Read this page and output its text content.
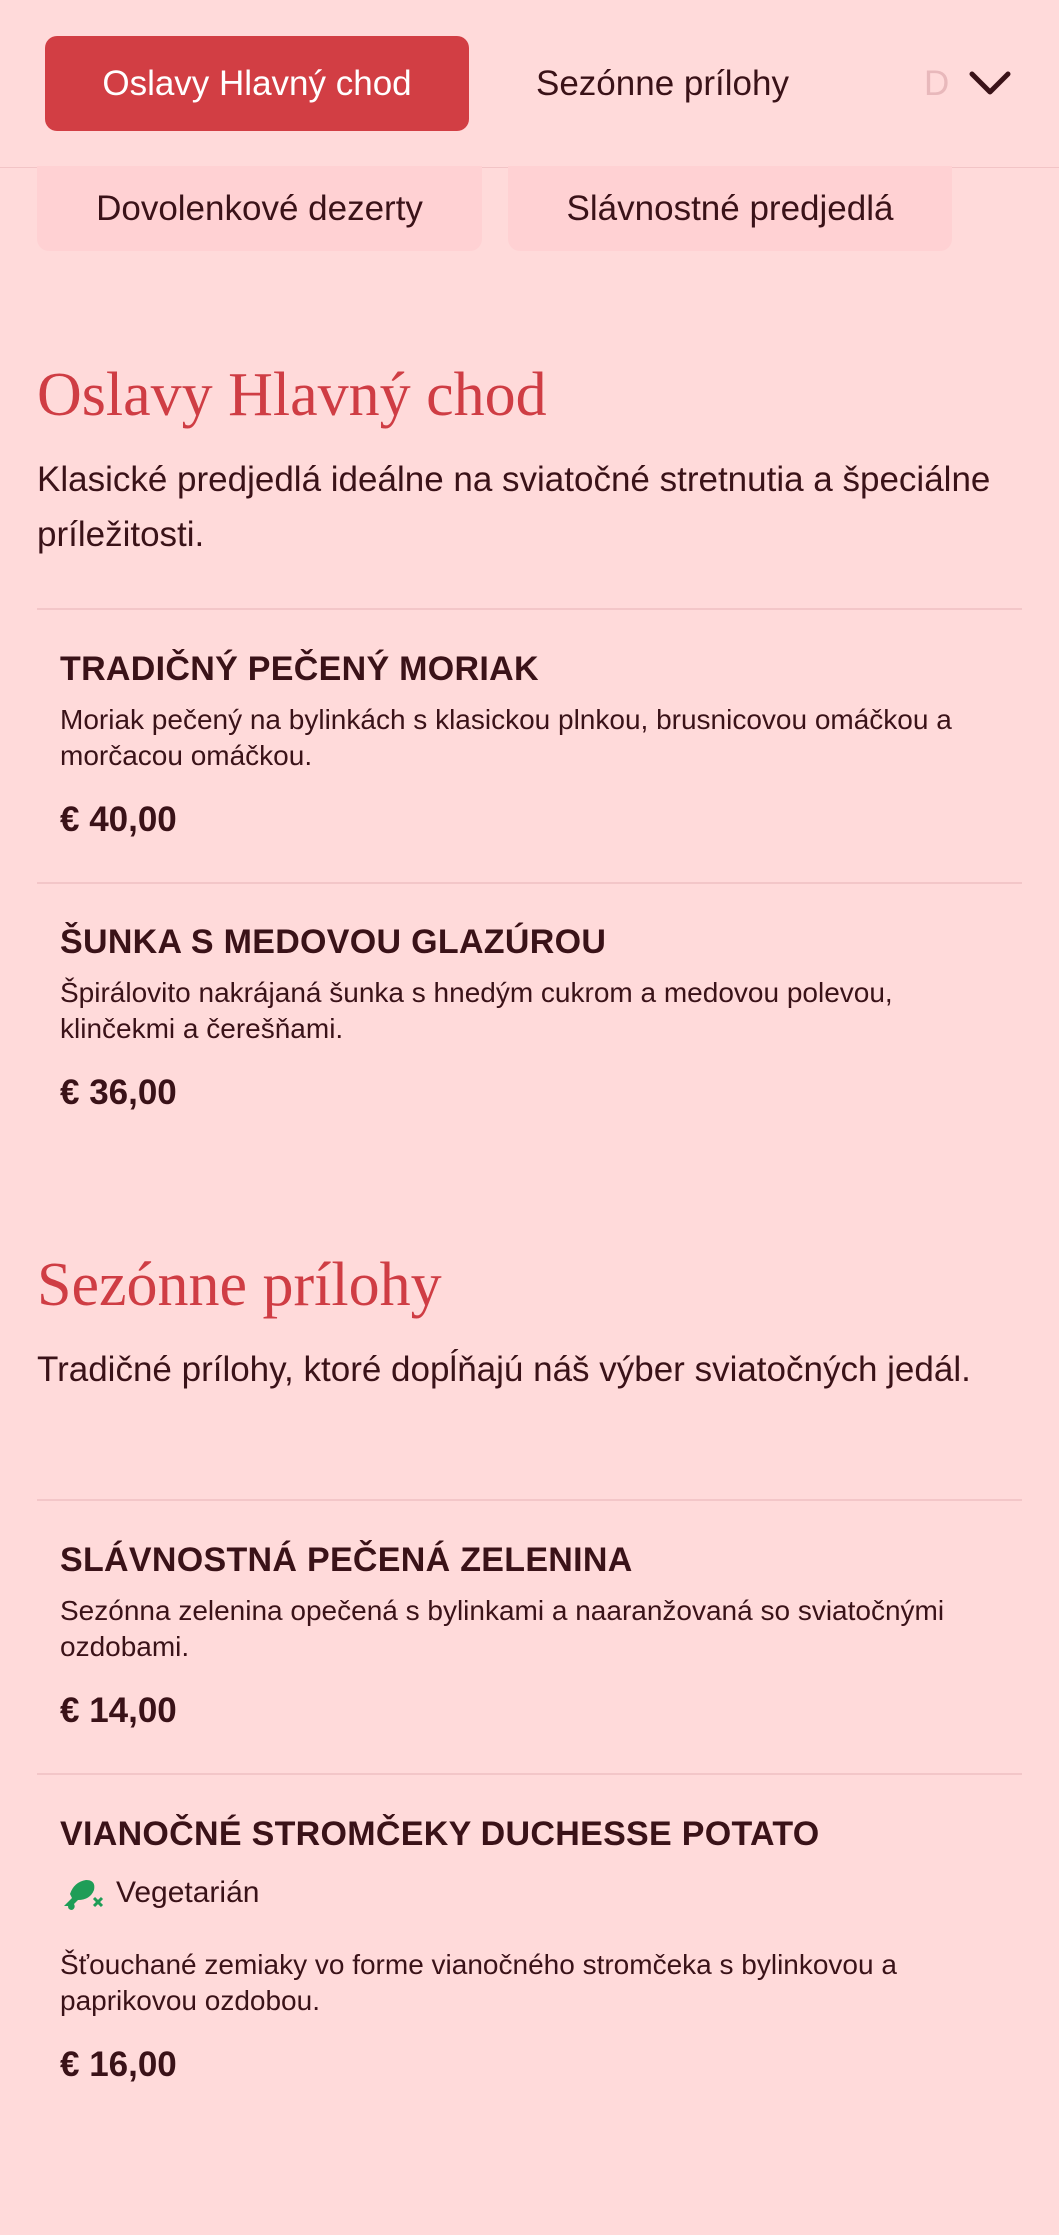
Oslavy Hlavný chod	Sezónne prílohy	D
Dovolenkové dezerty	Slávnostné predjedlá
Oslavy Hlavný chod

Klasické predjedlá ideálne na sviatočné stretnutia a špeciálne príležitosti.

TRADIČNÝ PEČENÝ MORIAK
Moriak pečený na bylinkách s klasickou plnkou, brusnicovou omáčkou a morčacou omáčkou.
€ 40,00
ŠUNKA S MEDOVOU GLAZÚROU
Špirálovito nakrájaná šunka s hnedým cukrom a medovou polevou, klinčekmi a čerešňami.
€ 36,00
Sezónne prílohy

Tradičné prílohy, ktoré dopĺňajú náš výber sviatočných jedál.

SLÁVNOSTNÁ PEČENÁ ZELENINA
Sezónna zelenina opečená s bylinkami a naaranžovaná so sviatočnými ozdobami.
€ 14,00
VIANOČNÉ STROMČEKY DUCHESSE POTATO
Vegetarián
Šťouchané zemiaky vo forme vianočného stromčeka s bylinkovou a paprikovou ozdobou.
€ 16,00
